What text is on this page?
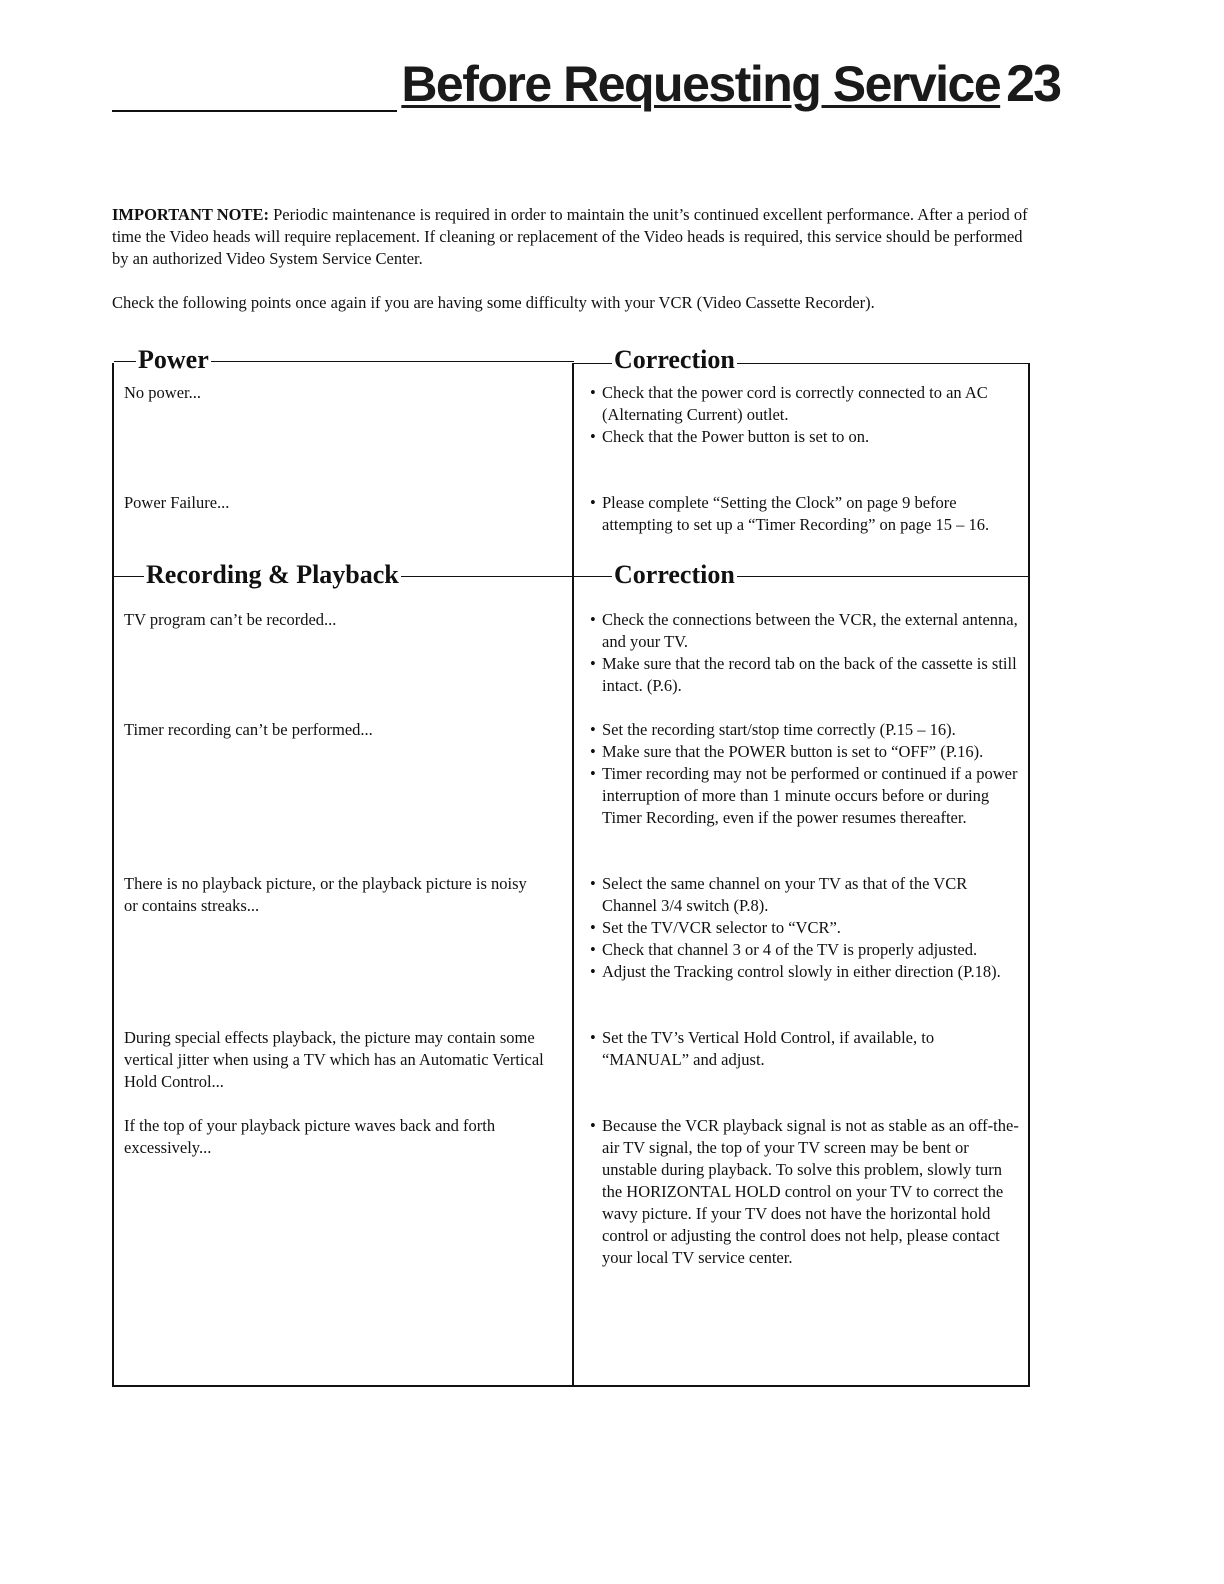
Before Requesting Service 23
IMPORTANT NOTE: Periodic maintenance is required in order to maintain the unit’s continued excellent performance. After a period of time the Video heads will require replacement. If cleaning or replacement of the Video heads is required, this service should be performed by an authorized Video System Service Center.
Check the following points once again if you are having some difficulty with your VCR (Video Cassette Recorder).
Power	Correction
No power...	• Check that the power cord is correctly connected to an AC (Alternating Current) outlet.
• Check that the Power button is set to on.
Power Failure...	• Please complete “Setting the Clock” on page 9 before attempting to set up a “Timer Recording” on page 15 – 16.
Recording & Playback	Correction
TV program can’t be recorded...	• Check the connections between the VCR, the external antenna, and your TV.
• Make sure that the record tab on the back of the cassette is still intact. (P.6).
Timer recording can’t be performed...	• Set the recording start/stop time correctly (P.15 – 16).
• Make sure that the POWER button is set to “OFF” (P.16).
• Timer recording may not be performed or continued if a power interruption of more than 1 minute occurs before or during Timer Recording, even if the power resumes thereafter.
There is no playback picture, or the playback picture is noisy or contains streaks...
• Select the same channel on your TV as that of the VCR Channel 3/4 switch (P.8).
• Set the TV/VCR selector to “VCR”.
• Check that channel 3 or 4 of the TV is properly adjusted.
• Adjust the Tracking control slowly in either direction (P.18).
During special effects playback, the picture may contain some vertical jitter when using a TV which has an Automatic Vertical Hold Control...
• Set the TV’s Vertical Hold Control, if available, to “MANUAL” and adjust.
If the top of your playback picture waves back and forth excessively...
• Because the VCR playback signal is not as stable as an off-the-air TV signal, the top of your TV screen may be bent or unstable during playback. To solve this problem, slowly turn the HORIZONTAL HOLD control on your TV to correct the wavy picture. If your TV does not have the horizontal hold control or adjusting the control does not help, please contact your local TV service center.
